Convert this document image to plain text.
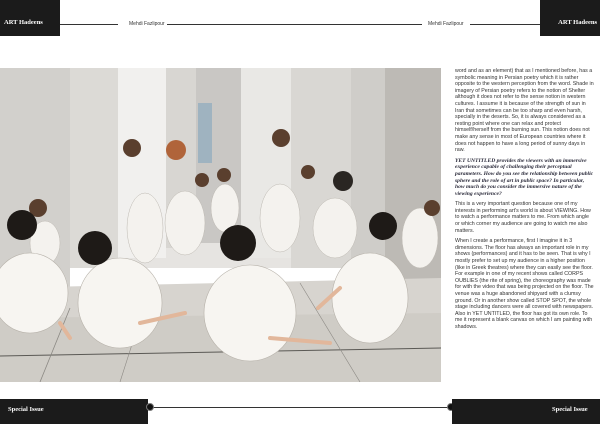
ART Hadeens	Mehdi Fazlipour	Mehdi Fazlipour	ART Hadeens

word and as an element) that as I mentioned before, has a symbolic meaning in Persian poetry which it is rather opposite to the western perception from the word. Shade in imagery of Persian poetry refers to the notion of Shelter although it does not refer to the sense notion in western cultures. I assume it is because of the strength of sun in Iran that sometimes can be too sharp and even harsh, specially in the deserts. So, it is always considered as a resting point where one can relax and protect himself/herself from the burning sun. This notion does not make any sense in most of European countries where it does not happen to have a long period of sunny days in raw.

YET UNTITLED provides the viewers with an immersive experience capable of challenging their perceptual parameters. How do you see the relationship between public sphere and the role of art in public space? In particular, how much do you consider the immersive nature of the viewing experience?

This is a very important question because one of my interests in performing art's world is about VIEWING. How to watch a performance matters to me. From which angle or which corner my audience are going to watch me also matters.

When I create a performance, first I imagine it in 3 dimensions. The floor has always an important role in my shows (performances) and it has to be seen. That is why I mostly prefer to set up my audience in a higher position (like in Greek theatres) where they can easily see the floor. For example in one of my recent shows called CORPS OUBLIES (the rite of spring), the choreography was made for with the video that was being projected on the floor. The venue was a huge abandoned shipyard with a clumsy ground. Or in another show called STOP SPOT, the whole stage including dancers were all covered with newspapers. Also in YET UNTITLED, the floor has got its own role. To me it represent a blank canvas on which I am painting with shadows.

Special Issue	Special Issue
